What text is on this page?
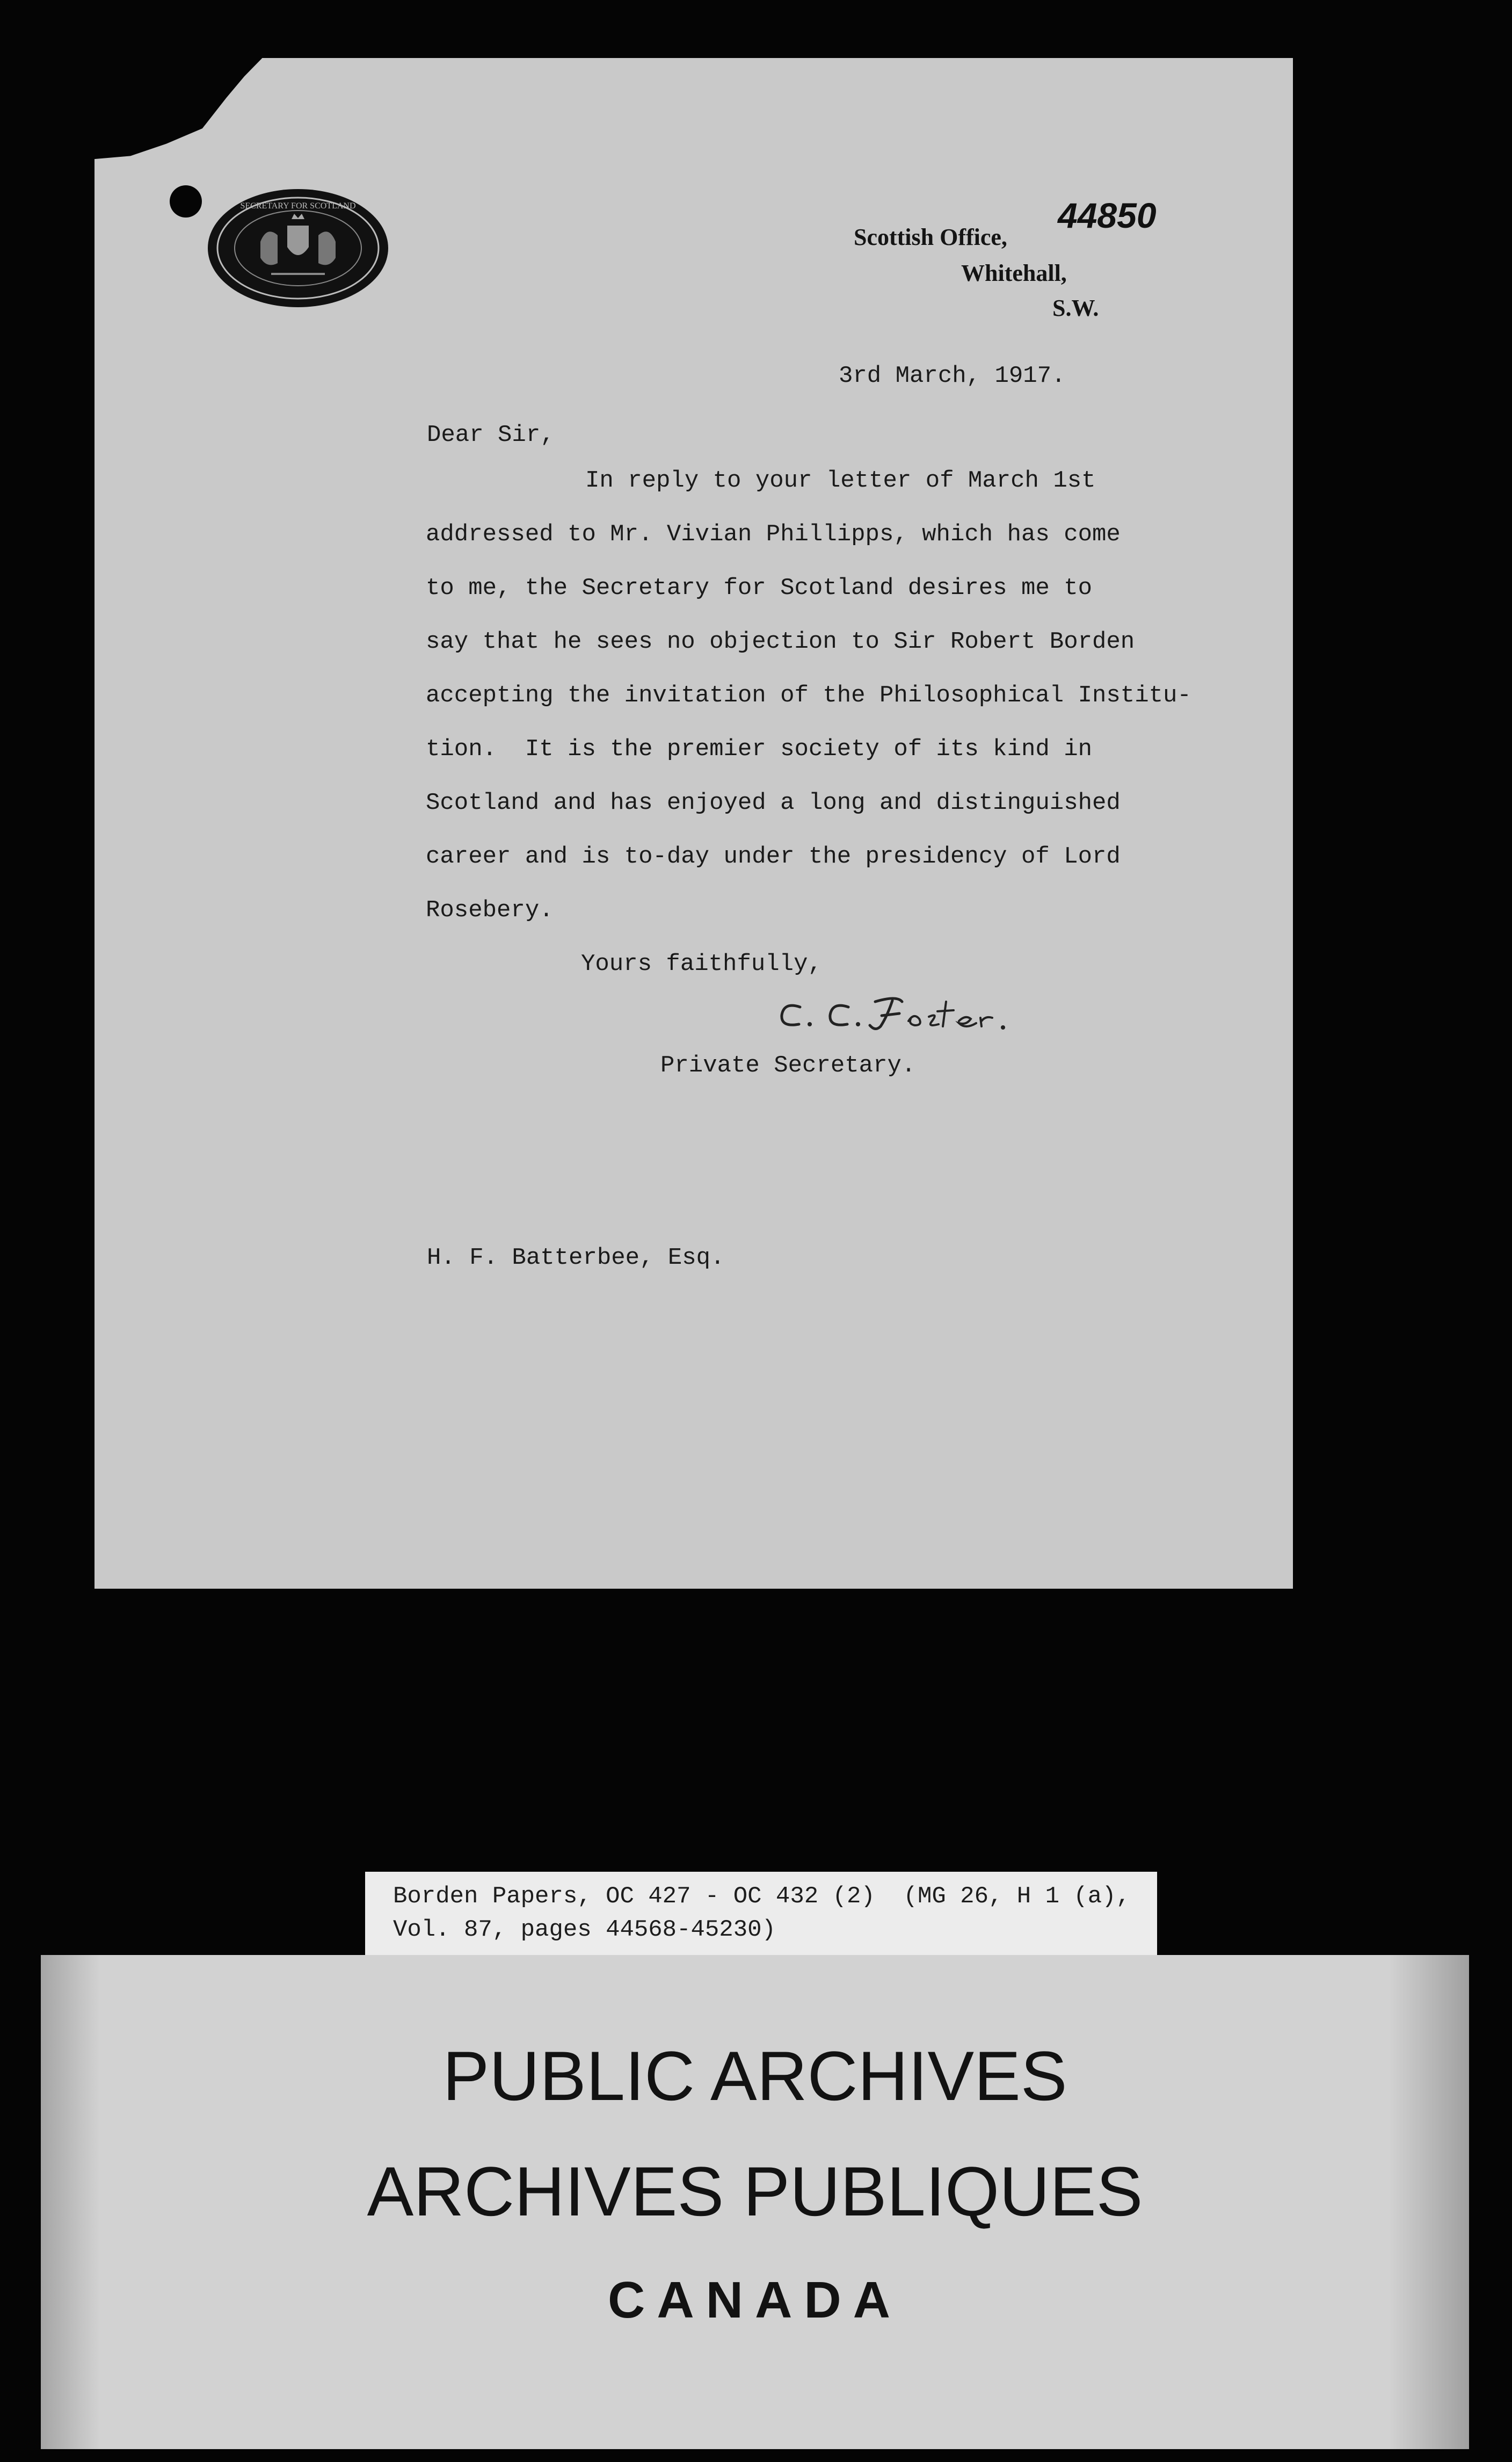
SECRETARY FOR SCOTLAND	44850
Scottish Office,
Whitehall,
S.W.
3rd March, 1917.
Dear Sir,
In reply to your letter of March 1st
addressed to Mr. Vivian Phillipps, which has come
to me, the Secretary for Scotland desires me to
say that he sees no objection to Sir Robert Borden
accepting the invitation of the Philosophical Institu-
tion.  It is the premier society of its kind in
Scotland and has enjoyed a long and distinguished
career and is to-day under the presidency of Lord
Rosebery.
Yours faithfully,
Private Secretary.
H. F. Batterbee, Esq.
Borden Papers, OC 427 - OC 432 (2)  (MG 26, H 1 (a),
Vol. 87, pages 44568-45230)
PUBLIC ARCHIVES
ARCHIVES PUBLIQUES
CANADA
